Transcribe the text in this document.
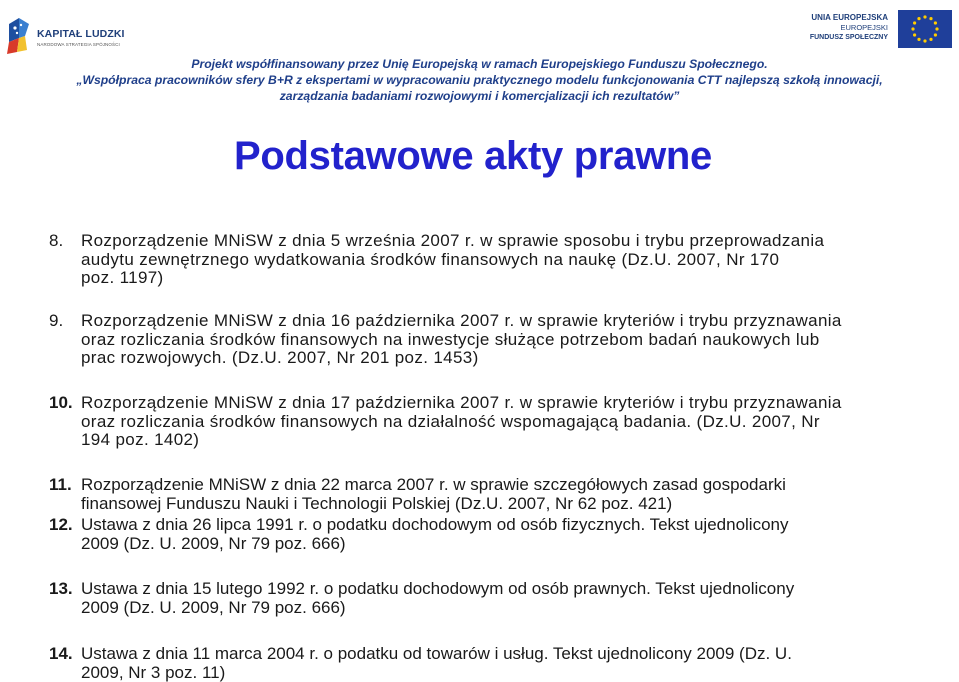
KAPITAŁ LUDZKI
NARODOWA STRATEGIA SPÓJNOŚCI
UNIA EUROPEJSKA
EUROPEJSKI
FUNDUSZ SPOŁECZNY
Projekt współfinansowany przez Unię Europejską w ramach Europejskiego Funduszu Społecznego.
„Współpraca pracowników sfery B+R z ekspertami w wypracowaniu praktycznego modelu funkcjonowania CTT najlepszą szkołą innowacji,
zarządzania badaniami rozwojowymi i komercjalizacji ich rezultatów”
Podstawowe akty prawne
8. Rozporządzenie MNiSW z dnia 5 września 2007 r. w sprawie sposobu i trybu przeprowadzania
audytu zewnętrznego wydatkowania środków finansowych na naukę (Dz.U. 2007, Nr 170
poz. 1197)
9. Rozporządzenie MNiSW z dnia 16 października 2007 r. w sprawie kryteriów i trybu przyznawania
oraz rozliczania środków finansowych na inwestycje służące potrzebom badań naukowych lub
prac rozwojowych. (Dz.U. 2007, Nr 201 poz. 1453)
10. Rozporządzenie MNiSW z dnia 17 października 2007 r. w sprawie kryteriów i trybu przyznawania
oraz rozliczania środków finansowych na działalność wspomagającą badania. (Dz.U. 2007, Nr
194 poz. 1402)
11. Rozporządzenie MNiSW z dnia 22 marca 2007 r. w sprawie szczegółowych zasad gospodarki
finansowej Funduszu Nauki i Technologii Polskiej (Dz.U. 2007, Nr 62 poz. 421)
12. Ustawa z dnia 26 lipca 1991 r. o podatku dochodowym od osób fizycznych. Tekst ujednolicony
2009 (Dz. U. 2009, Nr 79 poz. 666)
13. Ustawa z dnia 15 lutego 1992 r. o podatku dochodowym od osób prawnych. Tekst ujednolicony
2009 (Dz. U. 2009, Nr 79 poz. 666)
14. Ustawa z dnia 11 marca 2004 r. o podatku od towarów i usług. Tekst ujednolicony 2009 (Dz. U.
2009, Nr 3 poz. 11)
